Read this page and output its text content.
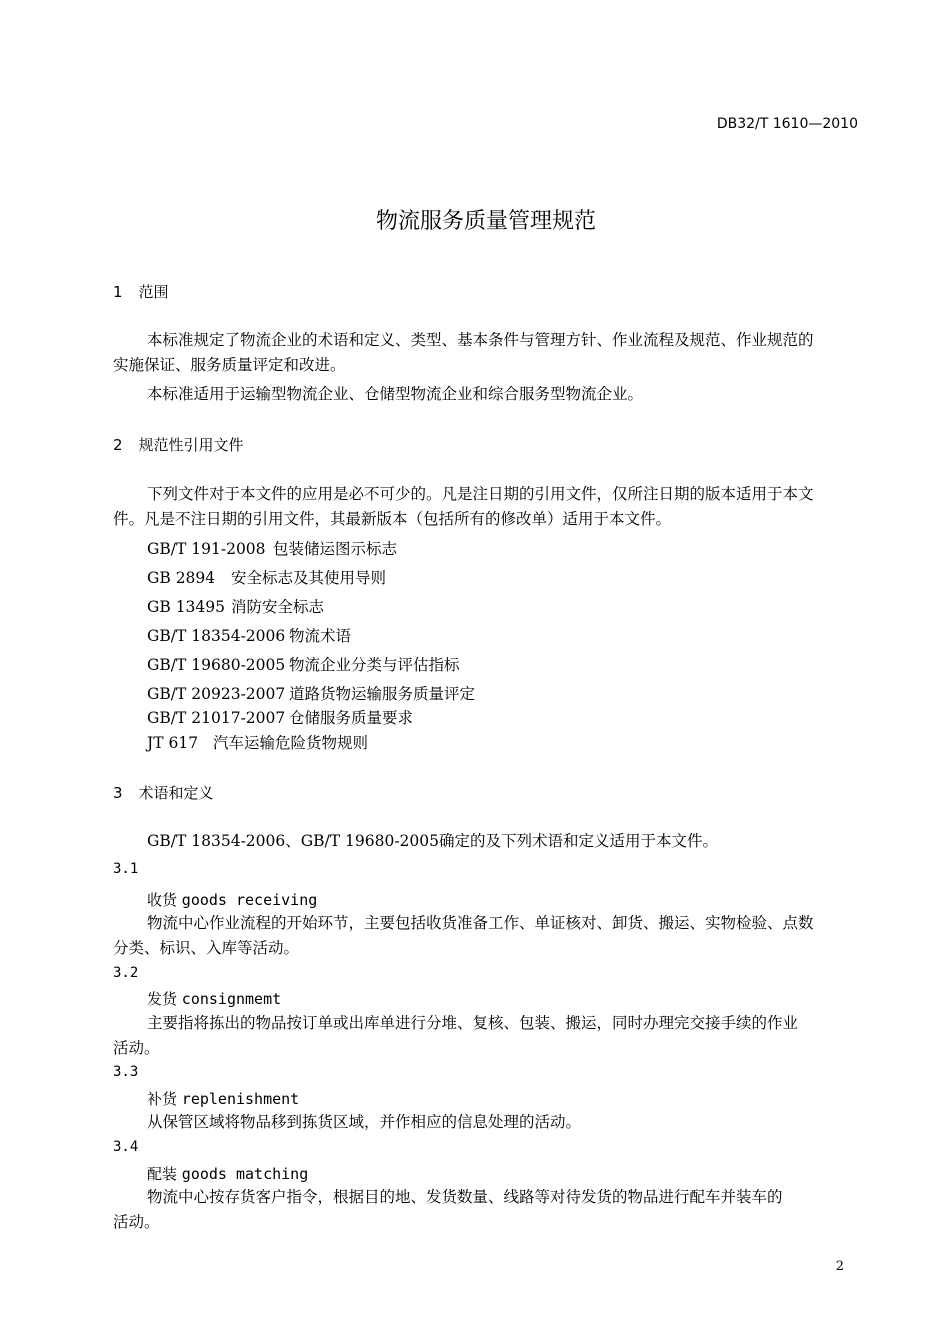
DB32/T 1610—2010
物流服务质量管理规范
1 范围
本标准规定了物流企业的术语和定义、类型、基本条件与管理方针、作业流程及规范、作业规范的
实施保证、服务质量评定和改进。
本标准适用于运输型物流企业、仓储型物流企业和综合服务型物流企业。
2 规范性引用文件
下列文件对于本文件的应用是必不可少的。凡是注日期的引用文件，仅所注日期的版本适用于本文
件。凡是不注日期的引用文件，其最新版本（包括所有的修改单）适用于本文件。
GB/T 191-2008 包装储运图示标志
GB 2894 安全标志及其使用导则
GB 13495 消防安全标志
GB/T 18354-2006 物流术语
GB/T 19680-2005 物流企业分类与评估指标
GB/T 20923-2007 道路货物运输服务质量评定
GB/T 21017-2007 仓储服务质量要求
JT 617 汽车运输危险货物规则
3 术语和定义
GB/T 18354-2006、GB/T 19680-2005确定的及下列术语和定义适用于本文件。
3.1
收货 goods receiving
物流中心作业流程的开始环节，主要包括收货准备工作、单证核对、卸货、搬运、实物检验、点数
分类、标识、入库等活动。
3.2
发货 consignmemt
主要指将拣出的物品按订单或出库单进行分堆、复核、包装、搬运，同时办理完交接手续的作业
活动。
3.3
补货 replenishment
从保管区域将物品移到拣货区域，并作相应的信息处理的活动。
3.4
配装 goods matching
物流中心按存货客户指令，根据目的地、发货数量、线路等对待发货的物品进行配车并装车的
活动。
2
